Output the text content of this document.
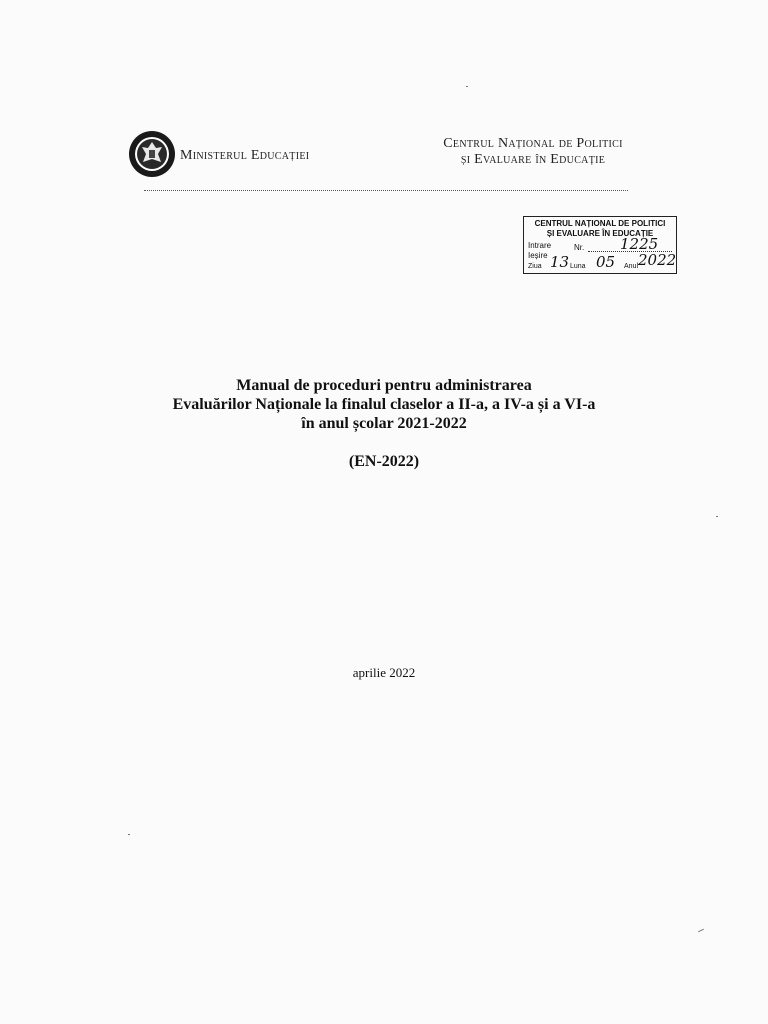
Ministerul Educației
Centrul Național de Politici
și Evaluare în Educație
CENTRUL NAȚIONAL DE POLITICI
ȘI EVALUARE ÎN EDUCAȚIE
Intrare	Nr. 1225
Ieșire
Ziua 13 Luna 05 Anul 2022
Manual de proceduri pentru administrarea
Evaluărilor Naționale la finalul claselor a II-a, a IV-a și a VI-a
în anul școlar 2021-2022
(EN-2022)
aprilie 2022
